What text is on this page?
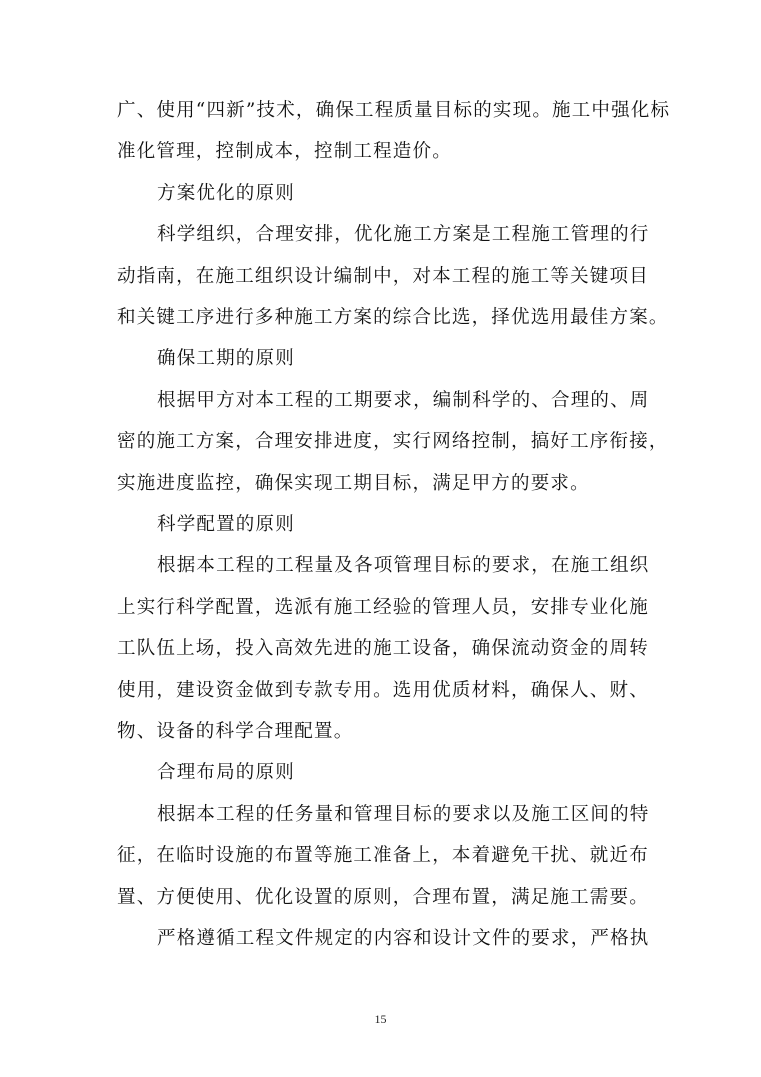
广、使用“四新”技术，确保工程质量目标的实现。施工中强化标
准化管理，控制成本，控制工程造价。
方案优化的原则
科学组织，合理安排，优化施工方案是工程施工管理的行
动指南，在施工组织设计编制中，对本工程的施工等关键项目
和关键工序进行多种施工方案的综合比选，择优选用最佳方案。
确保工期的原则
根据甲方对本工程的工期要求，编制科学的、合理的、周
密的施工方案，合理安排进度，实行网络控制，搞好工序衔接，
实施进度监控，确保实现工期目标，满足甲方的要求。
科学配置的原则
根据本工程的工程量及各项管理目标的要求，在施工组织
上实行科学配置，选派有施工经验的管理人员，安排专业化施
工队伍上场，投入高效先进的施工设备，确保流动资金的周转
使用，建设资金做到专款专用。选用优质材料，确保人、财、
物、设备的科学合理配置。
合理布局的原则
根据本工程的任务量和管理目标的要求以及施工区间的特
征，在临时设施的布置等施工准备上，本着避免干扰、就近布
置、方便使用、优化设置的原则，合理布置，满足施工需要。
严格遵循工程文件规定的内容和设计文件的要求，严格执
15
